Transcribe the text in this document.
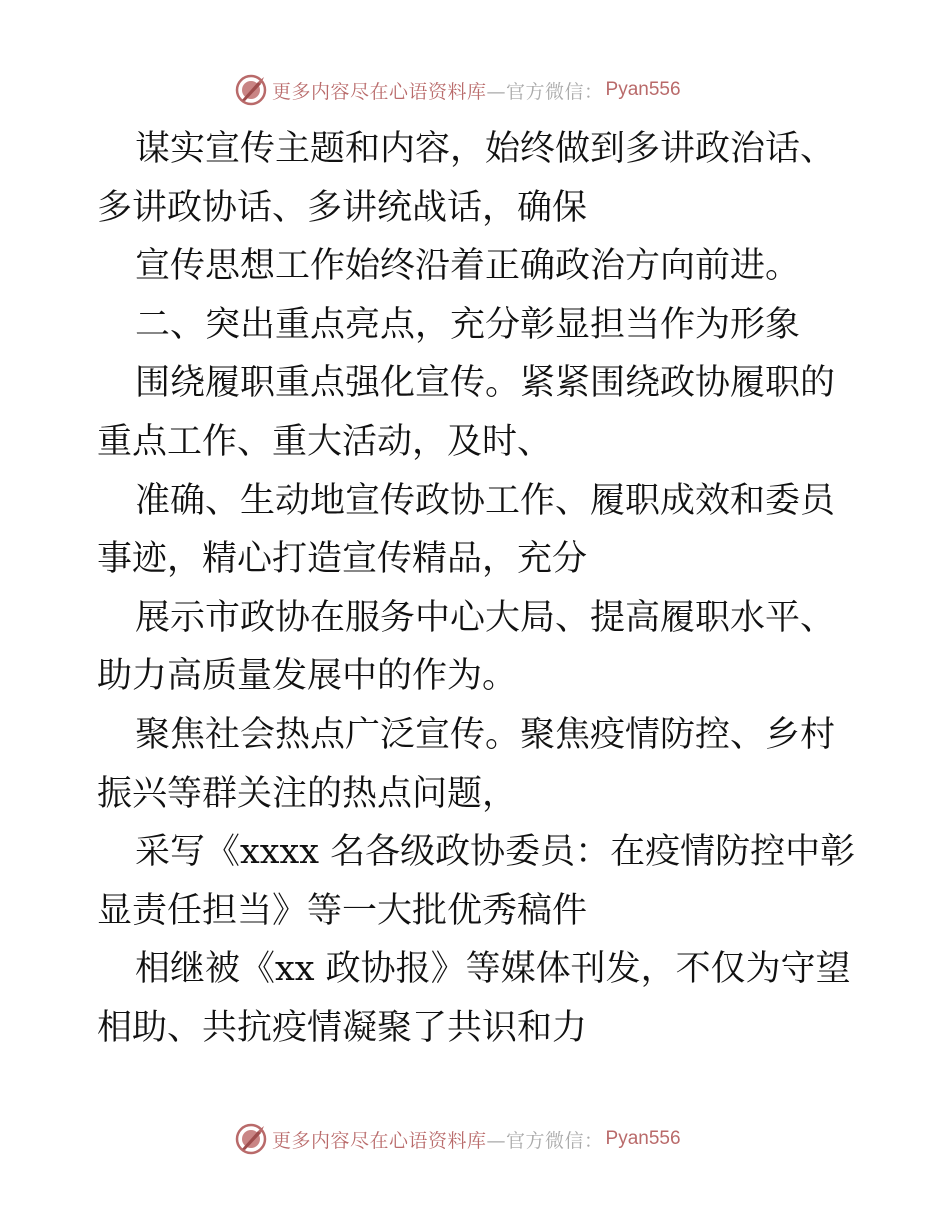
更多内容尽在心语资料库 —官方微信： Pyan556

谋实宣传主题和内容，始终做到多讲政治话、多讲政协话、多讲统战话，确保

宣传思想工作始终沿着正确政治方向前进。

二、突出重点亮点，充分彰显担当作为形象

围绕履职重点强化宣传。紧紧围绕政协履职的重点工作、重大活动，及时、

准确、生动地宣传政协工作、履职成效和委员事迹，精心打造宣传精品，充分

展示市政协在服务中心大局、提高履职水平、助力高质量发展中的作为。

聚焦社会热点广泛宣传。聚焦疫情防控、乡村振兴等群关注的热点问题，

采写《xxxx 名各级政协委员：在疫情防控中彰显责任担当》等一大批优秀稿件

相继被《xx 政协报》等媒体刊发，不仅为守望相助、共抗疫情凝聚了共识和力

更多内容尽在心语资料库 —官方微信： Pyan556
